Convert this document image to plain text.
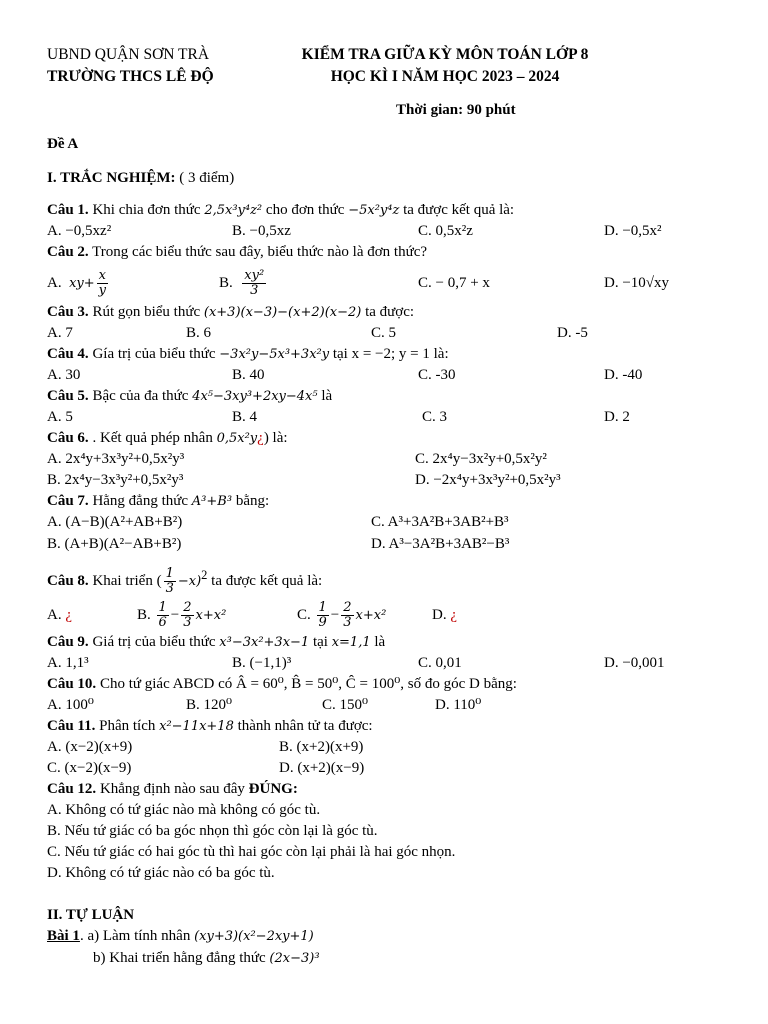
UBND QUẬN SƠN TRÀ
TRƯỜNG THCS LÊ ĐỘ
KIỂM TRA GIỮA KỲ MÔN TOÁN LỚP 8
HỌC KÌ I NĂM HỌC 2023 – 2024
Thời gian: 90 phút
Đề A
I. TRẮC NGHIỆM: ( 3 điểm)
Câu 1. Khi chia đơn thức 2,5x³y⁴z² cho đơn thức −5x²y⁴z ta được kết quả là:
A. −0,5xz²	B. −0,5xz	C. 0,5x²z	D. −0,5x²
Câu 2. Trong các biểu thức sau đây, biểu thức nào là đơn thức?
A. $xy+ \frac{x}{y}$	B. $\frac{\text{xy²}}{3}$	C. − 0,7 + x	D. −10√xy
Câu 3. Rút gọn biểu thức (x+3)(x−3)−(x+2)(x−2) ta được:
A. 7	B. 6	C. 5	D. -5
Câu 4. Gía trị của biểu thức −3x²y−5x³+3x²y tại x = −2; y = 1 là:
A. 30	B. 40	C. -30	D. -40
Câu 5. Bậc của đa thức 4x⁵−3xy³+2xy−4x⁵ là
A. 5	B. 4	C. 3	D. 2
Câu 6. . Kết quả phép nhân 0,5x²y¿) là:
A. 2x⁴y+3x³y²+0,5x²y³	C. 2x⁴y−3x²y+0,5x²y²
B. 2x⁴y−3x³y²+0,5x²y³	D. −2x⁴y+3x³y²+0,5x²y³
Câu 7. Hằng đẳng thức A³+B³ bằng:
A. (A−B)(A²+AB+B²)	C. A³+3A²B+3AB²+B³
B. (A+B)(A²−AB+B²)	D. A³−3A²B+3AB²−B³
Câu 8. Khai triển ( $\frac{1}{3} -x)^2$ ta được kết quả là:
A. ¿	B. $\frac{1}{6} - \frac{2}{3} x+x^2$	C. $\frac{1}{9} - \frac{2}{3} x+x^2$	D. ¿
Câu 9. Giá trị của biểu thức x³−3x²+3x−1 tại x=1,1 là
A. 1,1³	B. (−1,1)³	C. 0,01	D. −0,001
Câu 10. Cho tứ giác ABCD có Â = 60⁰, B̂ = 50⁰, Ĉ = 100⁰, số đo góc D bằng:
A. 100⁰	B. 120⁰	C. 150⁰	D. 110⁰
Câu 11. Phân tích x²−11x+18 thành nhân tử ta được:
A. (x−2)(x+9)	B. (x+2)(x+9)
C. (x−2)(x−9)	D. (x+2)(x−9)
Câu 12. Khẳng định nào sau đây ĐÚNG:
A. Không có tứ giác nào mà không có góc tù.
B. Nếu tứ giác có ba góc nhọn thì góc còn lại là góc tù.
C. Nếu tứ giác có hai góc tù thì hai góc còn lại phải là hai góc nhọn.
D. Không có tứ giác nào có ba góc tù.
II. TỰ LUẬN
Bài 1. a) Làm tính nhân (xy+3)(x²−2xy+1)
b) Khai triển hằng đẳng thức (2x−3)³
